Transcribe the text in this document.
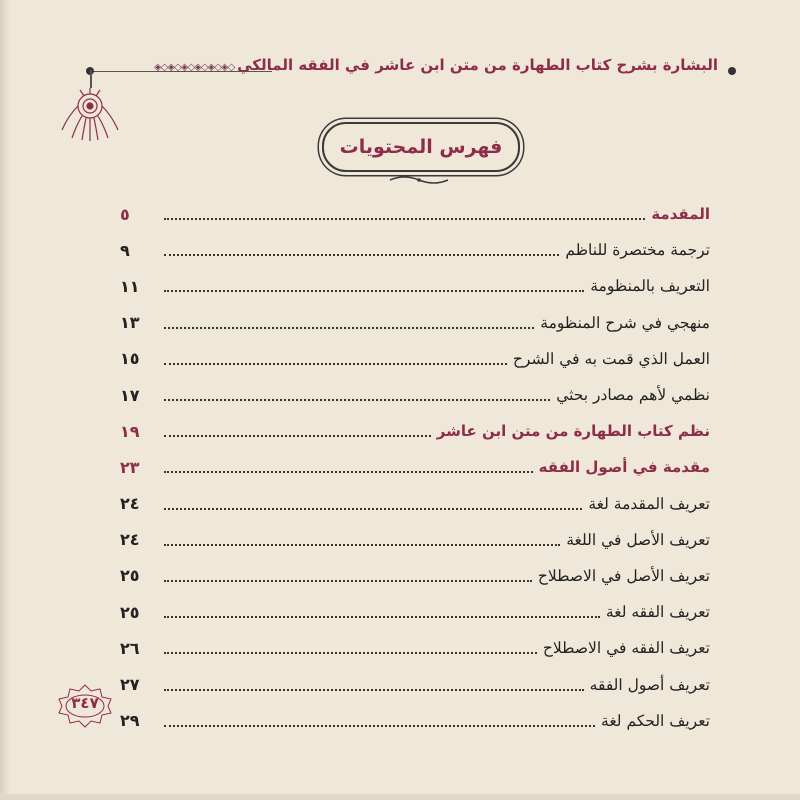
البشارة بشرح كتاب الطهارة من متن ابن عاشر في الفقه المالكي
◇◈◇◈◇◈◇◈◇◈◇◈
فهرس المحتويات
المقدمة
٥
ترجمة مختصرة للناظم
٩
التعريف بالمنظومة
١١
منهجي في شرح المنظومة
١٣
العمل الذي قمت به في الشرح
١٥
نظمي لأهم مصادر بحثي
١٧
نظم كتاب الطهارة من متن ابن عاشر
١٩
مقدمة في أصول الفقه
٢٣
تعريف المقدمة لغة
٢٤
تعريف الأصل في اللغة
٢٤
تعريف الأصل في الاصطلاح
٢٥
تعريف الفقه لغة
٢٥
تعريف الفقه في الاصطلاح
٢٦
تعريف أصول الفقه
٢٧
تعريف الحكم لغة
٢٩
٣٤٧
